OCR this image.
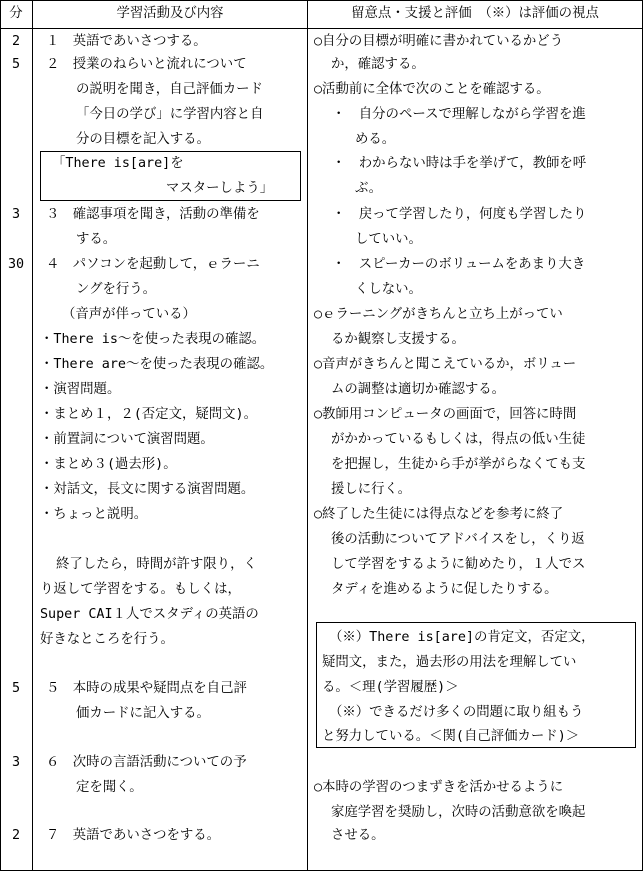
分	学習活動及び内容	留意点・支援と評価　（※）は評価の視点
2
5
3
30
5
3
2
１　英語であいさつする。
２　授業のねらいと流れについて
の説明を聞き，自己評価カード
「今日の学び」に学習内容と自
分の目標を記入する。
「There is[are]を
マスターしよう」
３　確認事項を聞き，活動の準備を
する。
４　パソコンを起動して，ｅラーニ
ングを行う。
（音声が伴っている）
・There is～を使った表現の確認。
・There are～を使った表現の確認。
・演習問題。
・まとめ１，２(否定文，疑問文)。
・前置詞について演習問題。
・まとめ３(過去形)。
・対話文，長文に関する演習問題。
・ちょっと説明。
終了したら，時間が許す限り，く
り返して学習をする。もしくは，
Super CAI１人でスタディの英語の
好きなところを行う。
５　本時の成果や疑問点を自己評
価カードに記入する。
６　次時の言語活動についての予
定を聞く。
７　英語であいさつをする。
○自分の目標が明確に書かれているかどう
か，確認する。
○活動前に全体で次のことを確認する。
・　自分のペースで理解しながら学習を進
める。
・　わからない時は手を挙げて，教師を呼
ぶ。
・　戻って学習したり，何度も学習したり
していい。
・　スピーカーのボリュームをあまり大き
くしない。
○ｅラーニングがきちんと立ち上がってい
るか観察し支援する。
○音声がきちんと聞こえているか，ボリュー
ムの調整は適切か確認する。
○教師用コンピュータの画面で，回答に時間
がかかっているもしくは，得点の低い生徒
を把握し，生徒から手が挙がらなくても支
援しに行く。
○終了した生徒には得点などを参考に終了
後の活動についてアドバイスをし，くり返
して学習をするように勧めたり，１人でス
タディを進めるように促したりする。
（※）There is[are]の肯定文，否定文，
疑問文，また，過去形の用法を理解してい
る。＜理(学習履歴)＞
（※）できるだけ多くの問題に取り組もう
と努力している。＜関(自己評価カード)＞
○本時の学習のつまずきを活かせるように
家庭学習を奨励し，次時の活動意欲を喚起
させる。
